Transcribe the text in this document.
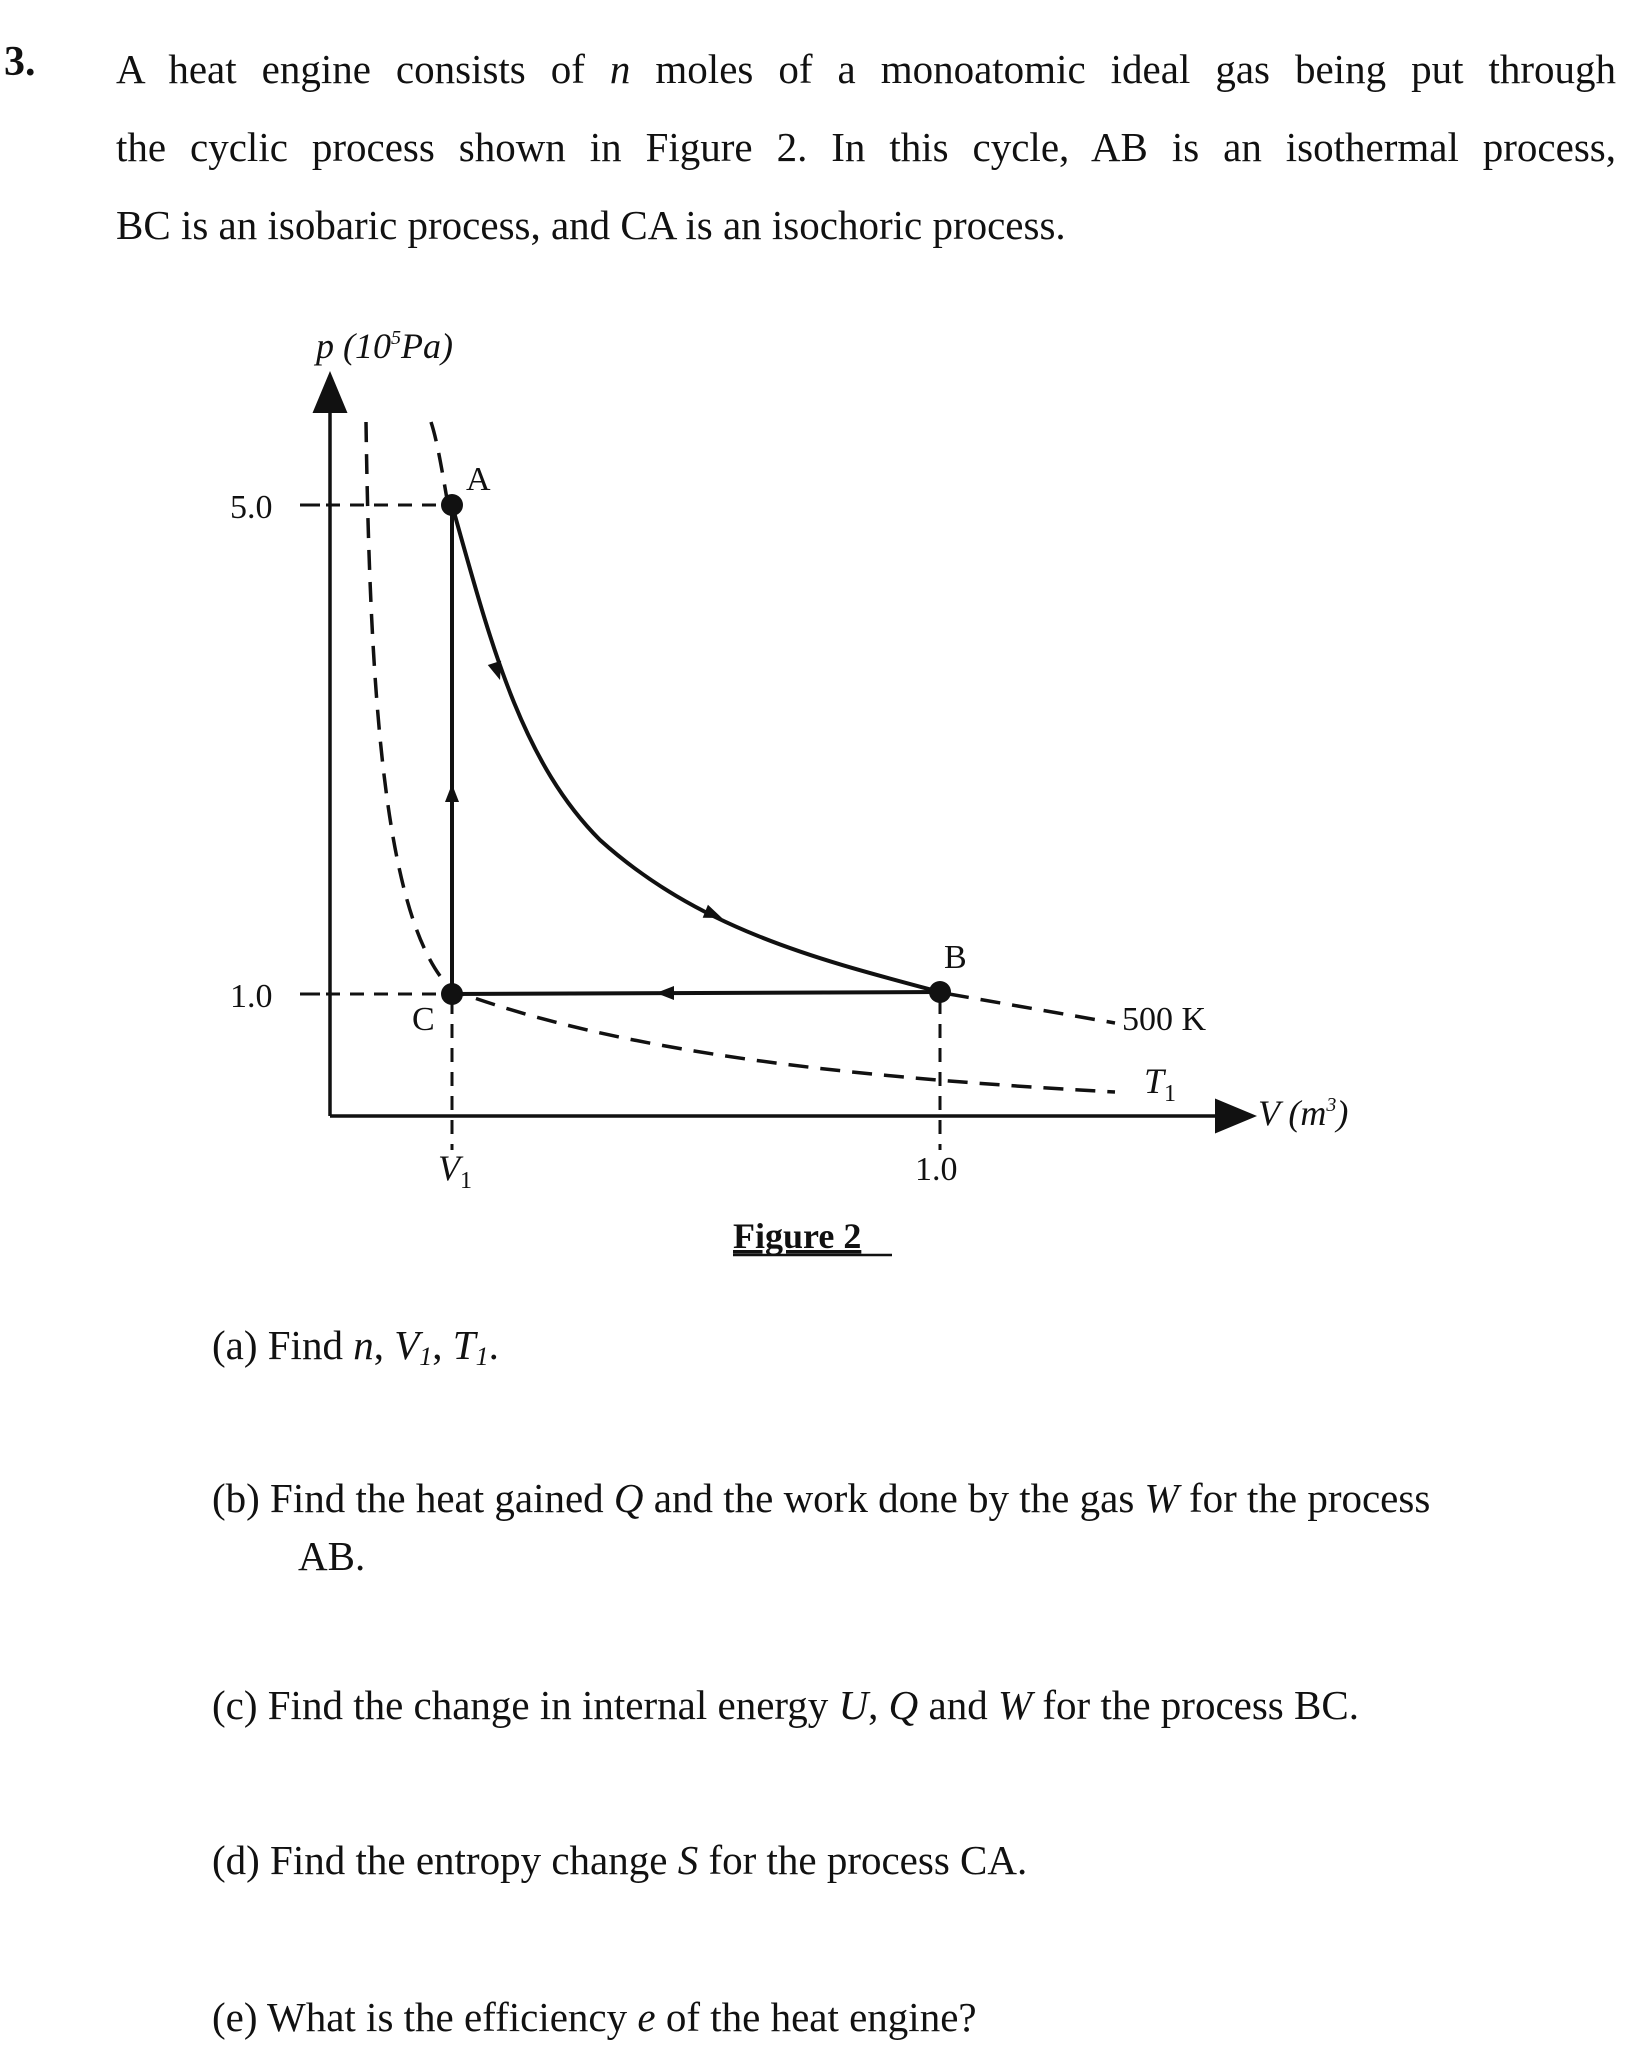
3. A heat engine consists of n moles of a monoatomic ideal gas being put through
the cyclic process shown in Figure 2. In this cycle, AB is an isothermal process,
BC is an isobaric process, and CA is an isochoric process.
p $(10^5Pa)$
V $(m^3)$
5.0
1.0
1.0
$V_1$
A
B
C	500 K
$T_1$
Figure 2
(a) Find n, $V_1$, $T_1$.
(b) Find the heat gained Q and the work done by the gas W for the process
AB.
(c) Find the change in internal energy U, Q and W for the process BC.
(d) Find the entropy change S for the process CA.
(e) What is the efficiency e of the heat engine?
